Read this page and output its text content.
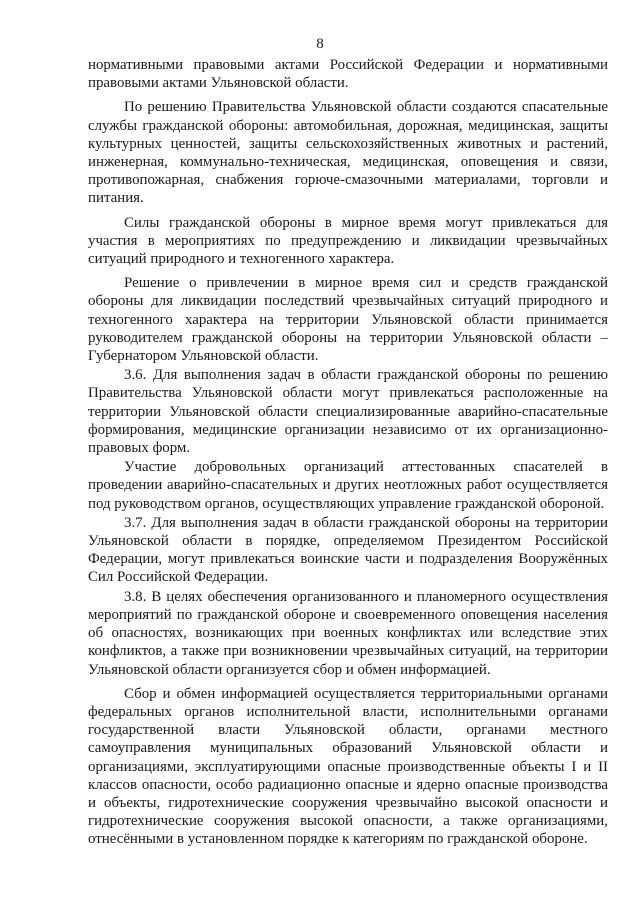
8

нормативными правовыми актами Российской Федерации и нормативными правовыми актами Ульяновской области.

По решению Правительства Ульяновской области создаются спасательные службы гражданской обороны: автомобильная, дорожная, медицинская, защиты культурных ценностей, защиты сельскохозяйственных животных и растений, инженерная, коммунально-техническая, медицинская, оповещения и связи, противопожарная, снабжения горюче-смазочными материалами, торговли и питания.

Силы гражданской обороны в мирное время могут привлекаться для участия в мероприятиях по предупреждению и ликвидации чрезвычайных ситуаций природного и техногенного характера.

Решение о привлечении в мирное время сил и средств гражданской обороны для ликвидации последствий чрезвычайных ситуаций природного и техногенного характера на территории Ульяновской области принимается руководителем гражданской обороны на территории Ульяновской области – Губернатором Ульяновской области.

3.6. Для выполнения задач в области гражданской обороны по решению Правительства Ульяновской области могут привлекаться расположенные на территории Ульяновской области специализированные аварийно-спасательные формирования, медицинские организации независимо от их организационно-правовых форм.

Участие добровольных организаций аттестованных спасателей в проведении аварийно-спасательных и других неотложных работ осуществляется под руководством органов, осуществляющих управление гражданской обороной.

3.7. Для выполнения задач в области гражданской обороны на территории Ульяновской области в порядке, определяемом Президентом Российской Федерации, могут привлекаться воинские части и подразделения Вооружённых Сил Российской Федерации.

3.8. В целях обеспечения организованного и планомерного осуществления мероприятий по гражданской обороне и своевременного оповещения населения об опасностях, возникающих при военных конфликтах или вследствие этих конфликтов, а также при возникновении чрезвычайных ситуаций, на территории Ульяновской области организуется сбор и обмен информацией.

Сбор и обмен информацией осуществляется территориальными органами федеральных органов исполнительной власти, исполнительными органами государственной власти Ульяновской области, органами местного самоуправления муниципальных образований Ульяновской области и организациями, эксплуатирующими опасные производственные объекты I и II классов опасности, особо радиационно опасные и ядерно опасные производства и объекты, гидротехнические сооружения чрезвычайно высокой опасности и гидротехнические сооружения высокой опасности, а также организациями, отнесёнными в установленном порядке к категориям по гражданской обороне.
